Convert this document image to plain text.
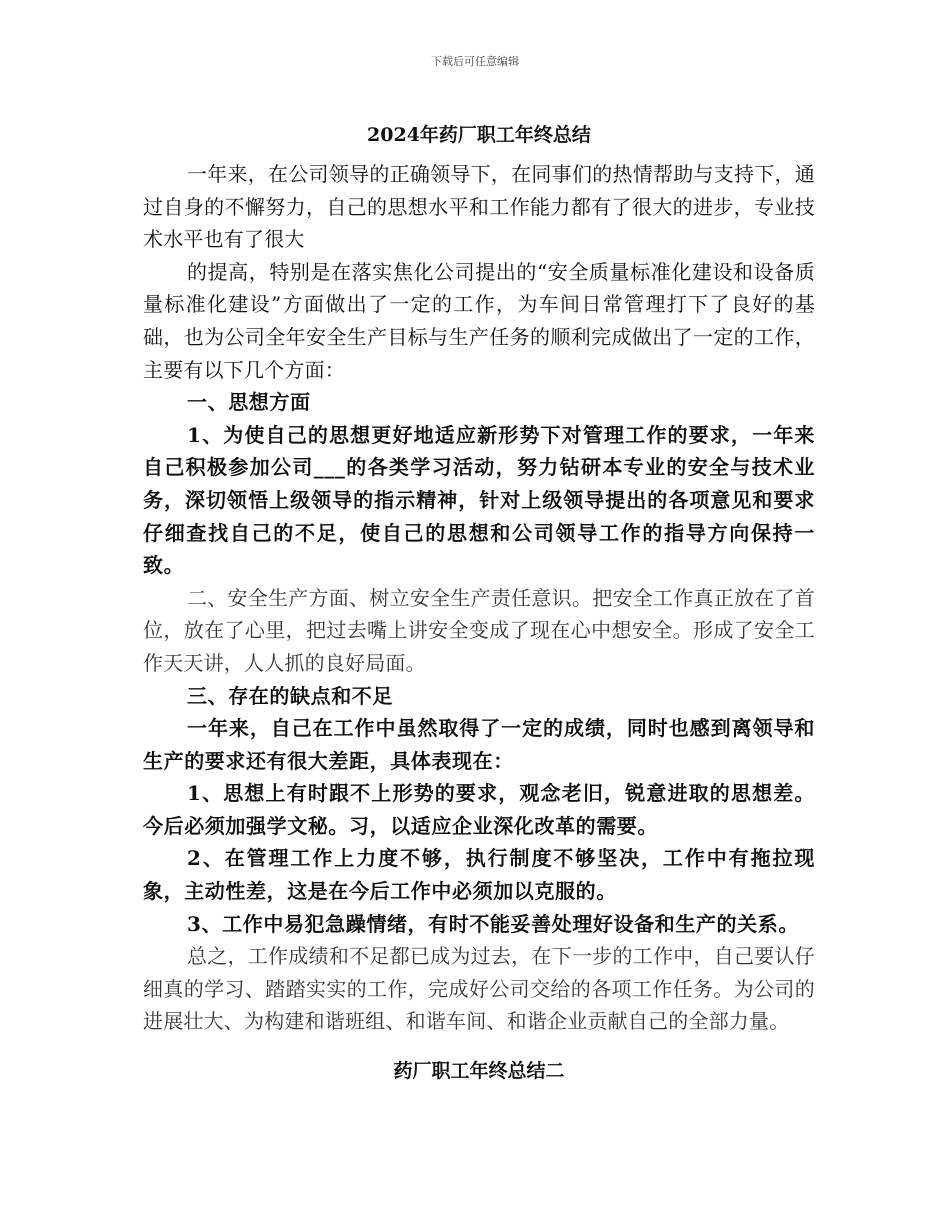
下载后可任意编辑
2024年药厂职工年终总结
一年来，在公司领导的正确领导下，在同事们的热情帮助与支持下，通过自身的不懈努力，自己的思想水平和工作能力都有了很大的进步，专业技术水平也有了很大
的提高，特别是在落实焦化公司提出的“安全质量标准化建设和设备质量标准化建设”方面做出了一定的工作，为车间日常管理打下了良好的基础，也为公司全年安全生产目标与生产任务的顺利完成做出了一定的工作，主要有以下几个方面：
一、思想方面
1、为使自己的思想更好地适应新形势下对管理工作的要求，一年来自己积极参加公司___的各类学习活动，努力钻研本专业的安全与技术业务，深切领悟上级领导的指示精神，针对上级领导提出的各项意见和要求仔细查找自己的不足，使自己的思想和公司领导工作的指导方向保持一致。
二、安全生产方面、树立安全生产责任意识。把安全工作真正放在了首位，放在了心里，把过去嘴上讲安全变成了现在心中想安全。形成了安全工作天天讲，人人抓的良好局面。
三、存在的缺点和不足
一年来，自己在工作中虽然取得了一定的成绩，同时也感到离领导和生产的要求还有很大差距，具体表现在：
1、思想上有时跟不上形势的要求，观念老旧，锐意进取的思想差。今后必须加强学文秘。习，以适应企业深化改革的需要。
2、在管理工作上力度不够，执行制度不够坚决，工作中有拖拉现象，主动性差，这是在今后工作中必须加以克服的。
3、工作中易犯急躁情绪，有时不能妥善处理好设备和生产的关系。
总之，工作成绩和不足都已成为过去，在下一步的工作中，自己要认仔细真的学习、踏踏实实的工作，完成好公司交给的各项工作任务。为公司的进展壮大、为构建和谐班组、和谐车间、和谐企业贡献自己的全部力量。
药厂职工年终总结二
